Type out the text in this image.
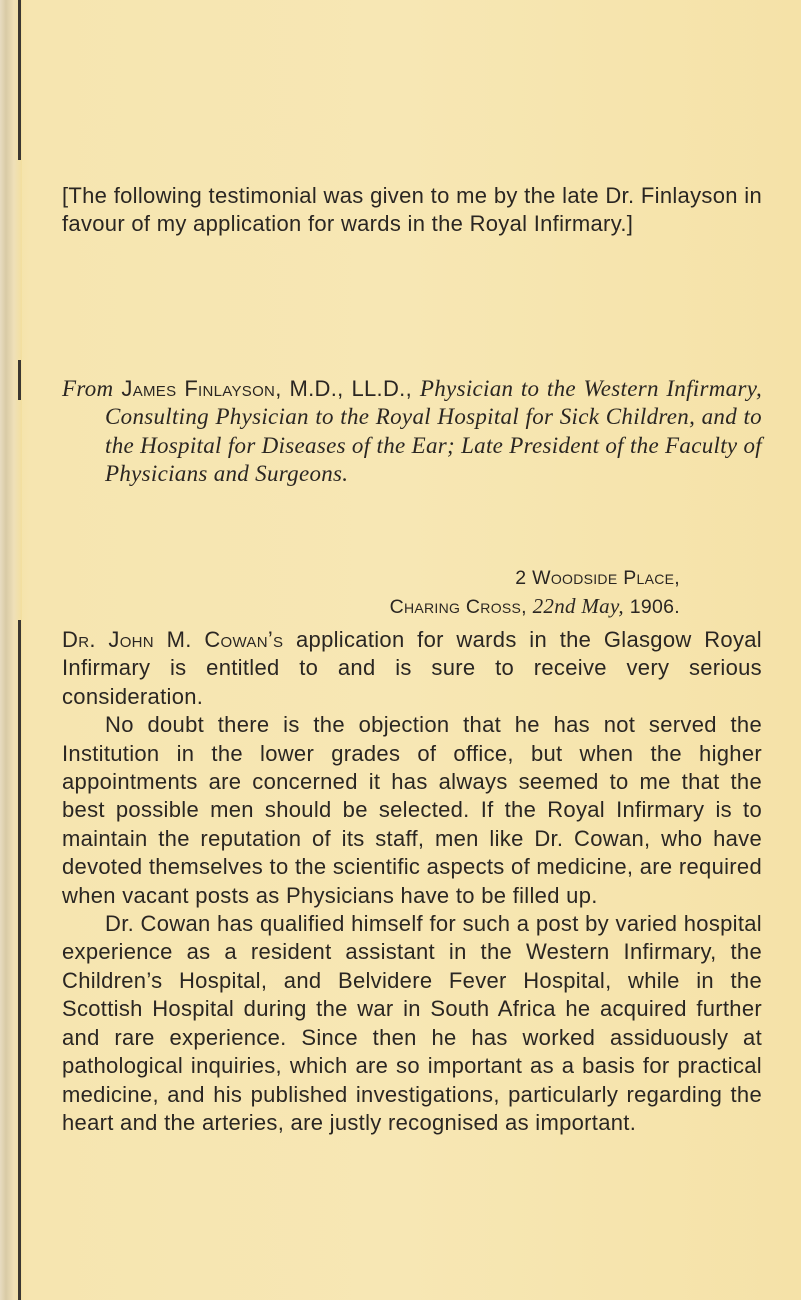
[The following testimonial was given to me by the late Dr. Finlayson in favour of my application for wards in the Royal Infirmary.]

From James Finlayson, M.D., LL.D., Physician to the Western Infirmary, Consulting Physician to the Royal Hospital for Sick Children, and to the Hospital for Diseases of the Ear; Late President of the Faculty of Physicians and Surgeons.

2 Woodside Place,
Charing Cross, 22nd May, 1906.

Dr. John M. Cowan’s application for wards in the Glasgow Royal Infirmary is entitled to and is sure to receive very serious consideration.

No doubt there is the objection that he has not served the Institution in the lower grades of office, but when the higher appointments are concerned it has always seemed to me that the best possible men should be selected. If the Royal Infirmary is to maintain the reputation of its staff, men like Dr. Cowan, who have devoted themselves to the scientific aspects of medicine, are required when vacant posts as Physicians have to be filled up.

Dr. Cowan has qualified himself for such a post by varied hospital experience as a resident assistant in the Western Infirmary, the Children’s Hospital, and Belvidere Fever Hospital, while in the Scottish Hospital during the war in South Africa he acquired further and rare experience. Since then he has worked assiduously at pathological inquiries, which are so important as a basis for practical medicine, and his published investigations, particularly regarding the heart and the arteries, are justly recognised as important.
